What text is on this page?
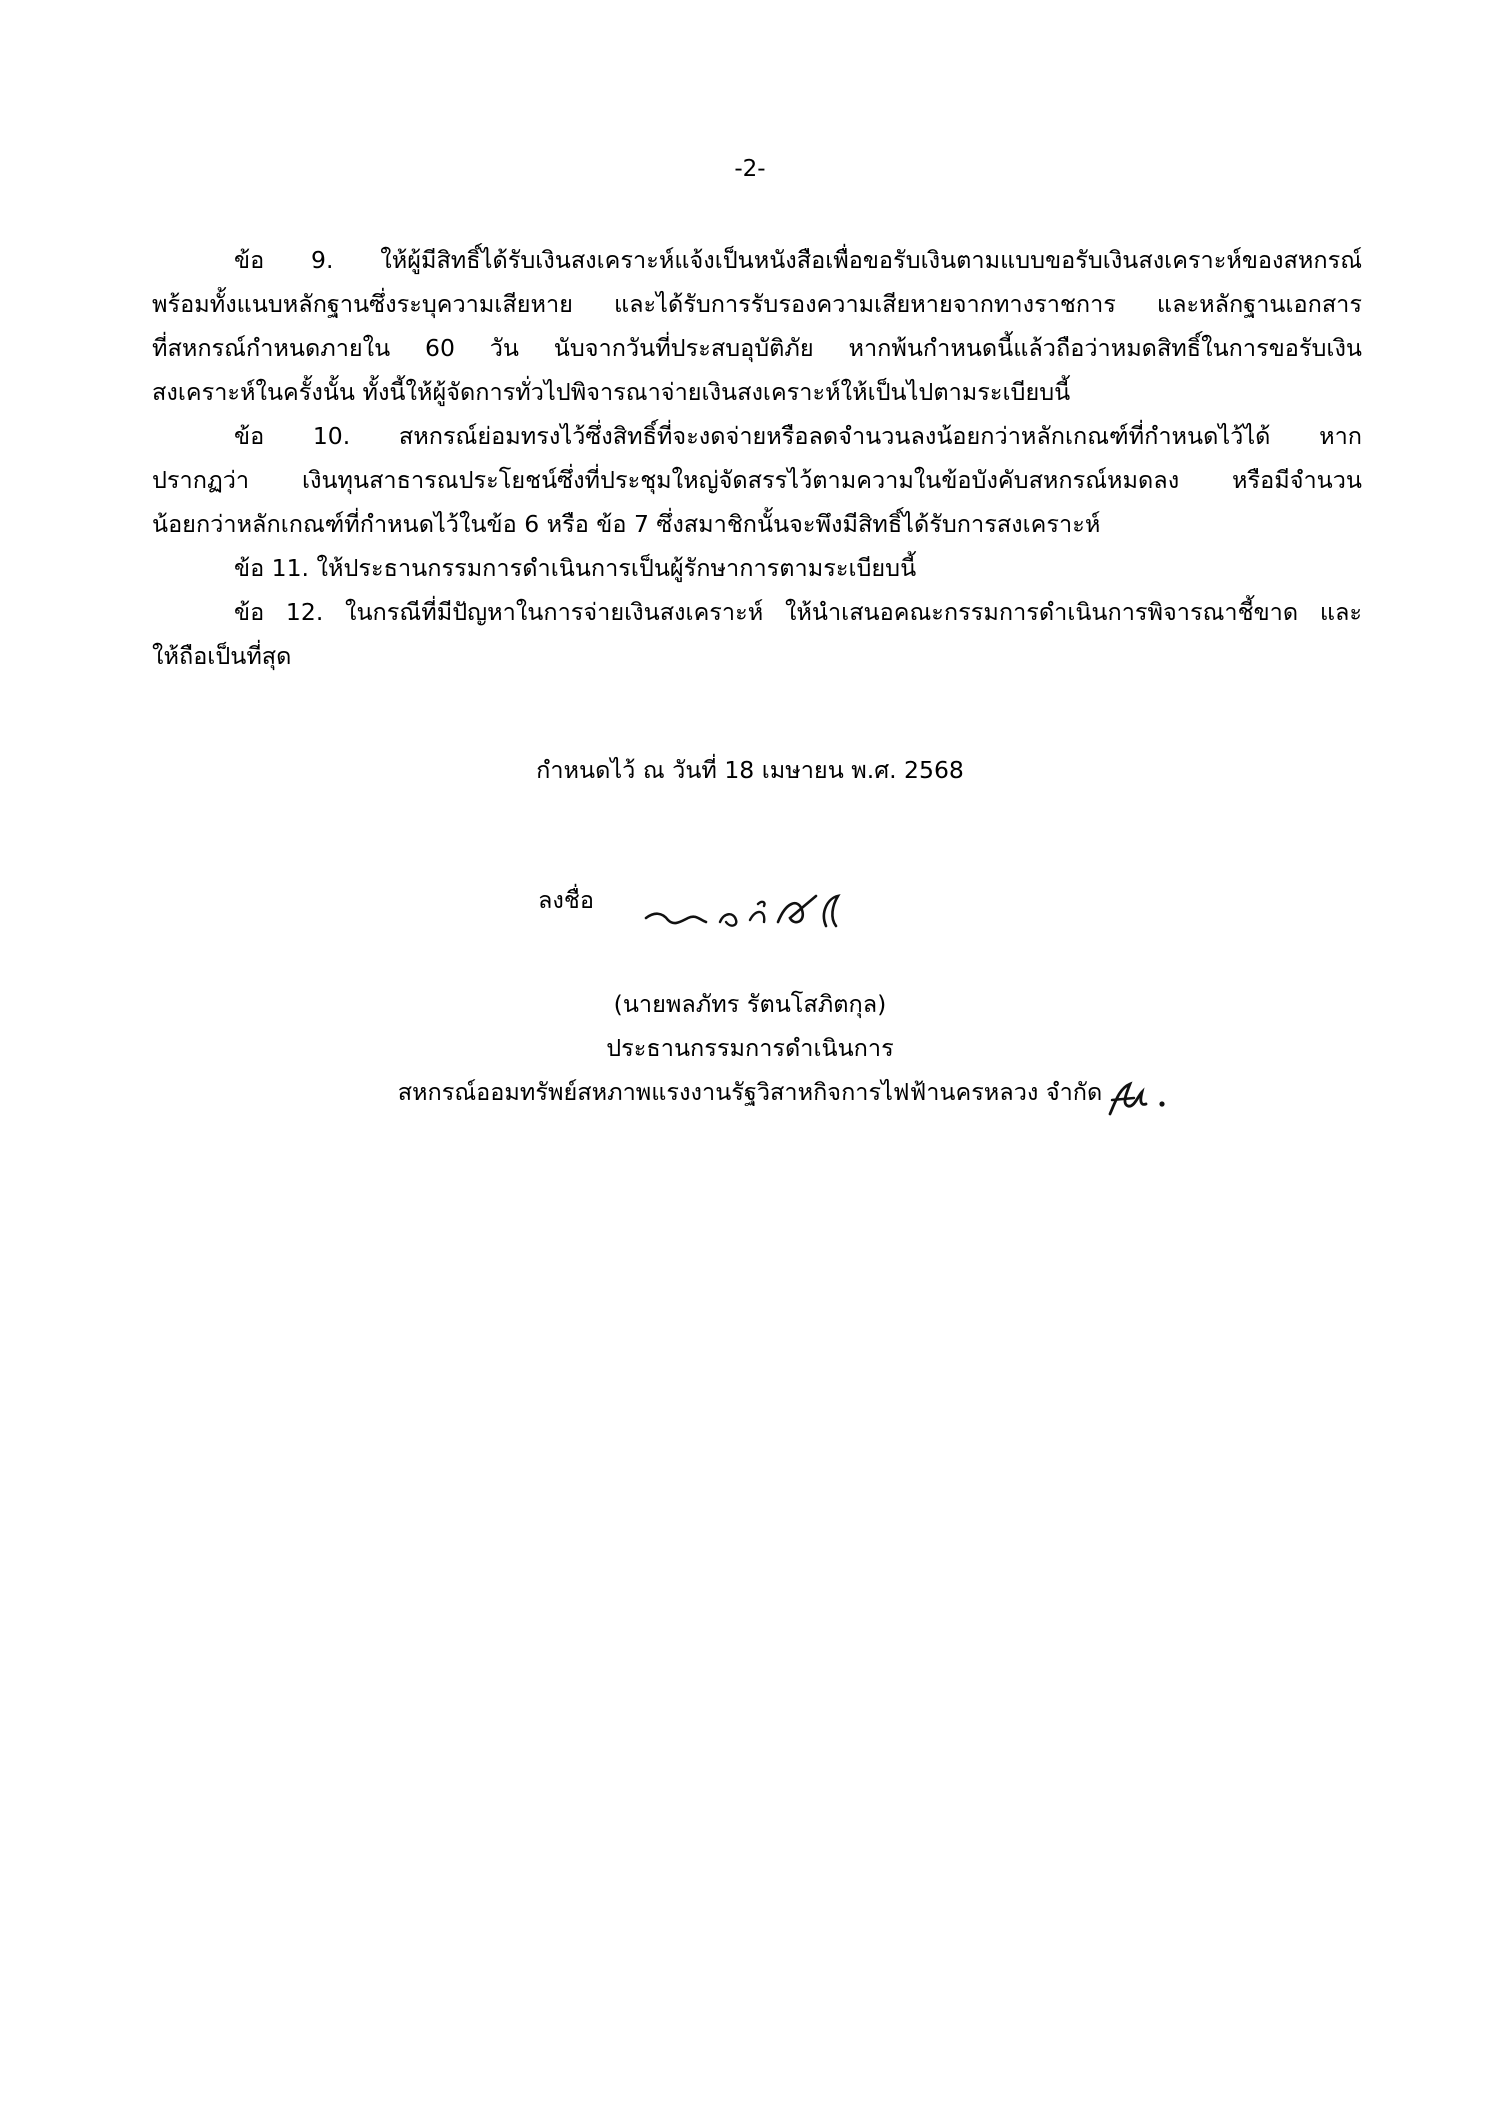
-2-

ข้อ 9. ให้ผู้มีสิทธิ์ได้รับเงินสงเคราะห์แจ้งเป็นหนังสือเพื่อขอรับเงินตามแบบขอรับเงินสงเคราะห์ของสหกรณ์
พร้อมทั้งแนบหลักฐานซึ่งระบุความเสียหาย และได้รับการรับรองความเสียหายจากทางราชการ และหลักฐานเอกสาร
ที่สหกรณ์กำหนดภายใน 60 วัน นับจากวันที่ประสบอุบัติภัย หากพ้นกำหนดนี้แล้วถือว่าหมดสิทธิ์ในการขอรับเงิน
สงเคราะห์ในครั้งนั้น ทั้งนี้ให้ผู้จัดการทั่วไปพิจารณาจ่ายเงินสงเคราะห์ให้เป็นไปตามระเบียบนี้

ข้อ 10. สหกรณ์ย่อมทรงไว้ซึ่งสิทธิ์ที่จะงดจ่ายหรือลดจำนวนลงน้อยกว่าหลักเกณฑ์ที่กำหนดไว้ได้ หาก
ปรากฏว่า เงินทุนสาธารณประโยชน์ซึ่งที่ประชุมใหญ่จัดสรรไว้ตามความในข้อบังคับสหกรณ์หมดลง หรือมีจำนวน
น้อยกว่าหลักเกณฑ์ที่กำหนดไว้ในข้อ 6 หรือ ข้อ 7 ซึ่งสมาชิกนั้นจะพึงมีสิทธิ์ได้รับการสงเคราะห์

ข้อ 11. ให้ประธานกรรมการดำเนินการเป็นผู้รักษาการตามระเบียบนี้

ข้อ 12. ในกรณีที่มีปัญหาในการจ่ายเงินสงเคราะห์ ให้นำเสนอคณะกรรมการดำเนินการพิจารณาชี้ขาด และ
ให้ถือเป็นที่สุด

กำหนดไว้ ณ วันที่ 18 เมษายน พ.ศ. 2568
ลงชื่อ
(นายพลภัทร รัตนโสภิตกุล)
ประธานกรรมการดำเนินการ
สหกรณ์ออมทรัพย์สหภาพแรงงานรัฐวิสาหกิจการไฟฟ้านครหลวง จำกัด
